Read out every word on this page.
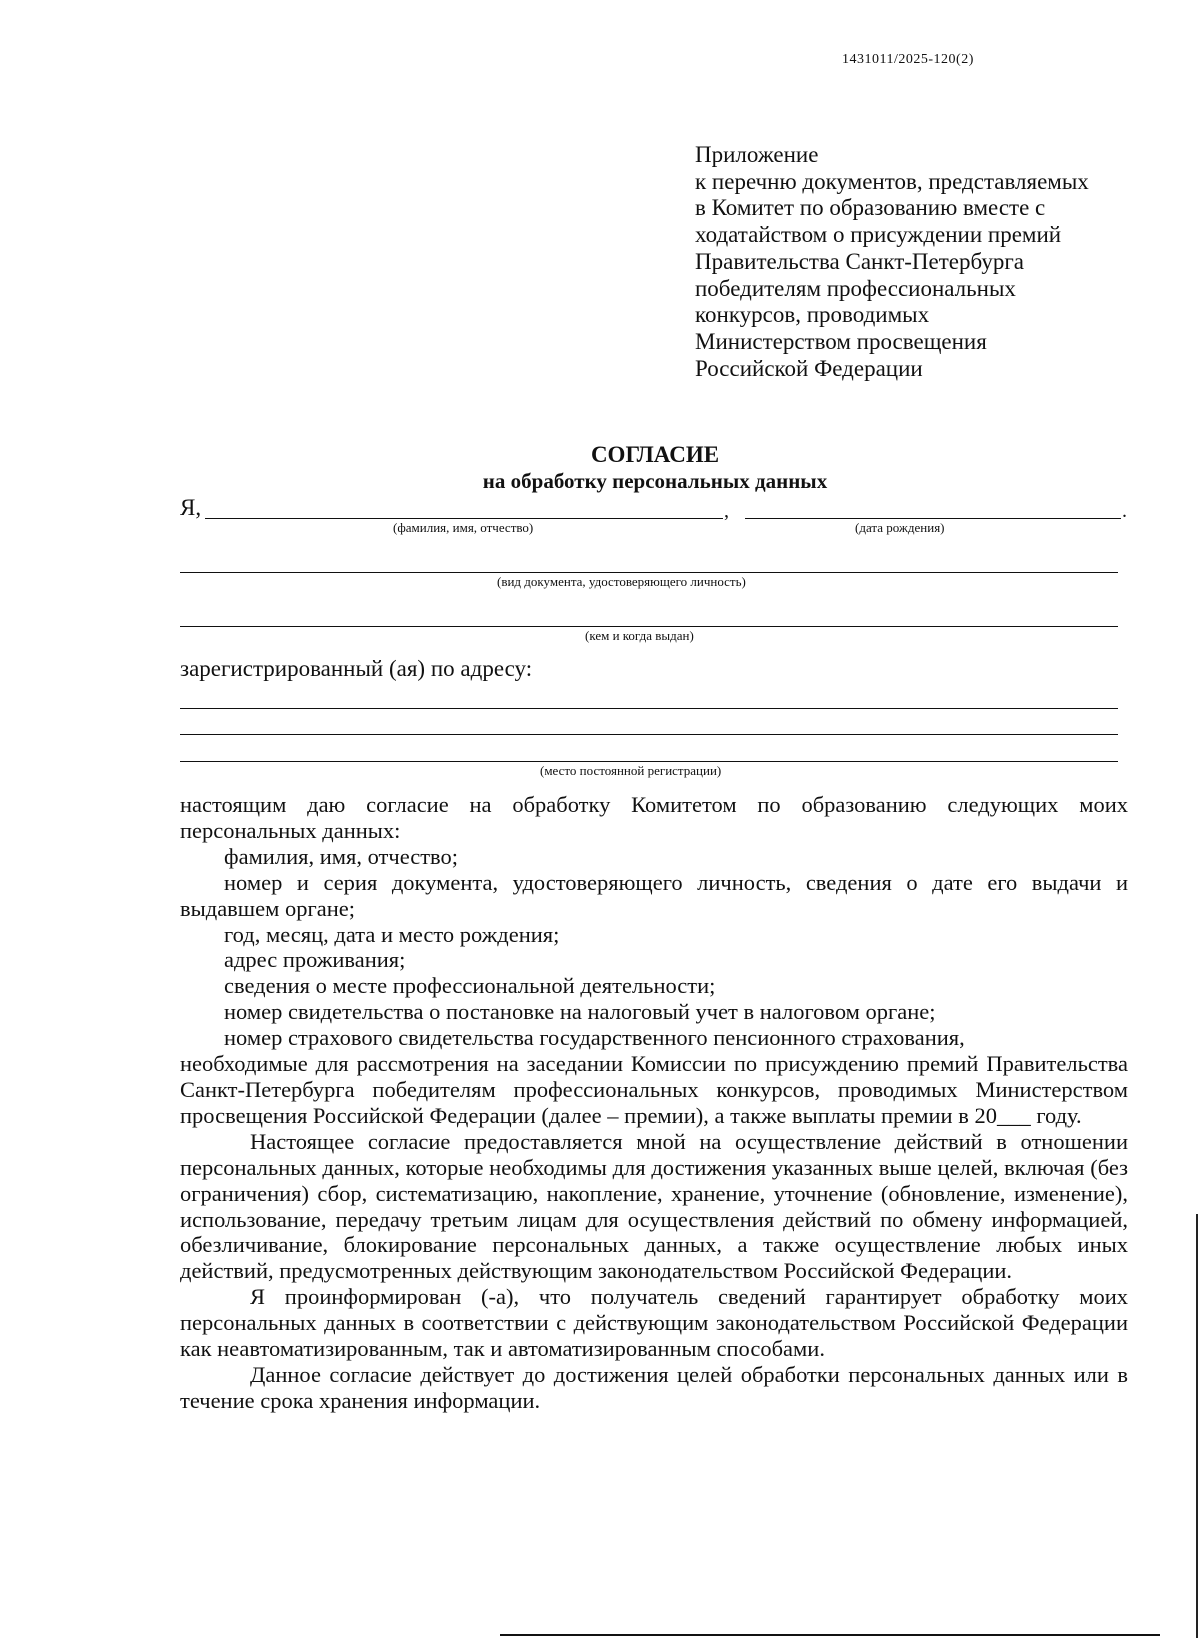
1431011/2025-120(2)
Приложение
к перечню документов, представляемых
в Комитет по образованию вместе с
ходатайством о присуждении премий
Правительства Санкт-Петербурга
победителям профессиональных
конкурсов, проводимых
Министерством просвещения
Российской Федерации
СОГЛАСИЕ
на обработку персональных данных
Я,	,	.
(фамилия, имя, отчество)	(дата рождения)
(вид документа, удостоверяющего личность)
(кем и когда выдан)
зарегистрированный (ая) по адресу:
(место постоянной регистрации)

настоящим даю согласие на обработку Комитетом по образованию следующих моих персональных данных:

фамилия, имя, отчество;

номер и серия документа, удостоверяющего личность, сведения о дате его выдачи и выдавшем органе;

год, месяц, дата и место рождения;

адрес проживания;

сведения о месте профессиональной деятельности;

номер свидетельства о постановке на налоговый учет в налоговом органе;

номер страхового свидетельства государственного пенсионного страхования,

необходимые для рассмотрения на заседании Комиссии по присуждению премий Правительства Санкт-Петербурга победителям профессиональных конкурсов, проводимых Министерством просвещения Российской Федерации (далее – премии), а также выплаты премии в 20___ году.

Настоящее согласие предоставляется мной на осуществление действий в отношении персональных данных, которые необходимы для достижения указанных выше целей, включая (без ограничения) сбор, систематизацию, накопление, хранение, уточнение (обновление, изменение), использование, передачу третьим лицам для осуществления действий по обмену информацией, обезличивание, блокирование персональных данных, а также осуществление любых иных действий, предусмотренных действующим законодательством Российской Федерации.

Я проинформирован (-а), что получатель сведений гарантирует обработку моих персональных данных в соответствии с действующим законодательством Российской Федерации как неавтоматизированным, так и автоматизированным способами.

Данное согласие действует до достижения целей обработки персональных данных или в течение срока хранения информации.
